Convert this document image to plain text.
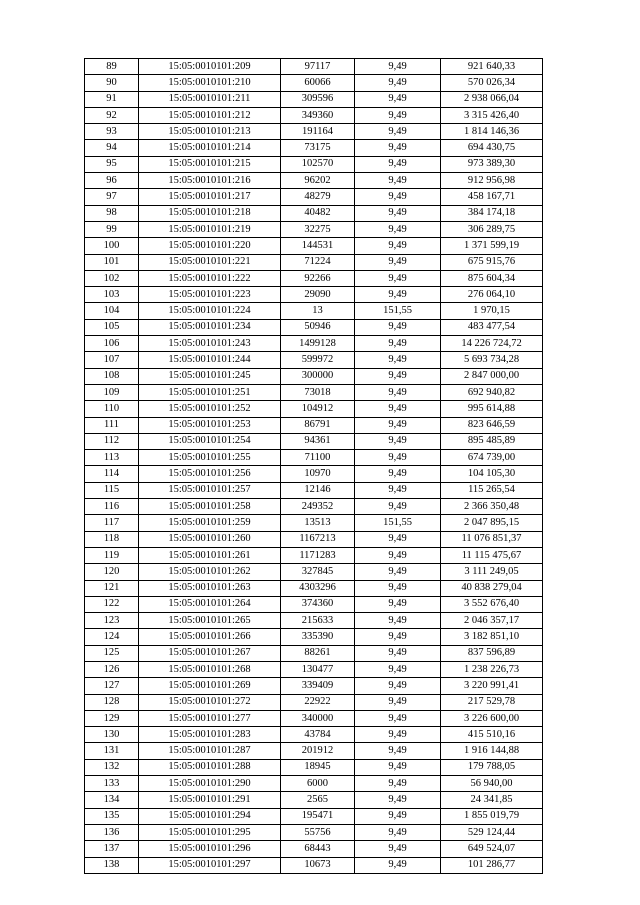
89	15:05:0010101:209	97117	9,49	921 640,33
90	15:05:0010101:210	60066	9,49	570 026,34
91	15:05:0010101:211	309596	9,49	2 938 066,04
92	15:05:0010101:212	349360	9,49	3 315 426,40
93	15:05:0010101:213	191164	9,49	1 814 146,36
94	15:05:0010101:214	73175	9,49	694 430,75
95	15:05:0010101:215	102570	9,49	973 389,30
96	15:05:0010101:216	96202	9,49	912 956,98
97	15:05:0010101:217	48279	9,49	458 167,71
98	15:05:0010101:218	40482	9,49	384 174,18
99	15:05:0010101:219	32275	9,49	306 289,75
100	15:05:0010101:220	144531	9,49	1 371 599,19
101	15:05:0010101:221	71224	9,49	675 915,76
102	15:05:0010101:222	92266	9,49	875 604,34
103	15:05:0010101:223	29090	9,49	276 064,10
104	15:05:0010101:224	13	151,55	1 970,15
105	15:05:0010101:234	50946	9,49	483 477,54
106	15:05:0010101:243	1499128	9,49	14 226 724,72
107	15:05:0010101:244	599972	9,49	5 693 734,28
108	15:05:0010101:245	300000	9,49	2 847 000,00
109	15:05:0010101:251	73018	9,49	692 940,82
110	15:05:0010101:252	104912	9,49	995 614,88
111	15:05:0010101:253	86791	9,49	823 646,59
112	15:05:0010101:254	94361	9,49	895 485,89
113	15:05:0010101:255	71100	9,49	674 739,00
114	15:05:0010101:256	10970	9,49	104 105,30
115	15:05:0010101:257	12146	9,49	115 265,54
116	15:05:0010101:258	249352	9,49	2 366 350,48
117	15:05:0010101:259	13513	151,55	2 047 895,15
118	15:05:0010101:260	1167213	9,49	11 076 851,37
119	15:05:0010101:261	1171283	9,49	11 115 475,67
120	15:05:0010101:262	327845	9,49	3 111 249,05
121	15:05:0010101:263	4303296	9,49	40 838 279,04
122	15:05:0010101:264	374360	9,49	3 552 676,40
123	15:05:0010101:265	215633	9,49	2 046 357,17
124	15:05:0010101:266	335390	9,49	3 182 851,10
125	15:05:0010101:267	88261	9,49	837 596,89
126	15:05:0010101:268	130477	9,49	1 238 226,73
127	15:05:0010101:269	339409	9,49	3 220 991,41
128	15:05:0010101:272	22922	9,49	217 529,78
129	15:05:0010101:277	340000	9,49	3 226 600,00
130	15:05:0010101:283	43784	9,49	415 510,16
131	15:05:0010101:287	201912	9,49	1 916 144,88
132	15:05:0010101:288	18945	9,49	179 788,05
133	15:05:0010101:290	6000	9,49	56 940,00
134	15:05:0010101:291	2565	9,49	24 341,85
135	15:05:0010101:294	195471	9,49	1 855 019,79
136	15:05:0010101:295	55756	9,49	529 124,44
137	15:05:0010101:296	68443	9,49	649 524,07
138	15:05:0010101:297	10673	9,49	101 286,77
